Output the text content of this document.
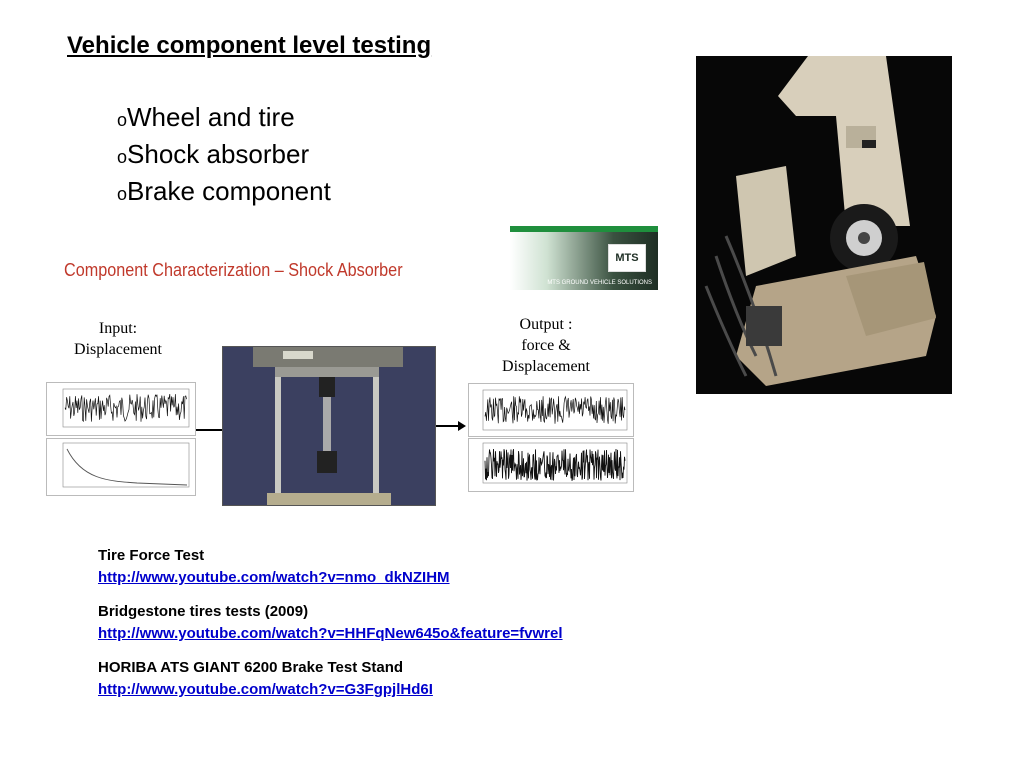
Vehicle component level testing
oWheel and tire
oShock absorber
oBrake component
Component Characterization – Shock Absorber
MTS
MTS GROUND VEHICLE SOLUTIONS
Input:
Displacement
Output :
force &
Displacement
Tire Force Test
http://www.youtube.com/watch?v=nmo_dkNZIHM
Bridgestone tires tests (2009)
http://www.youtube.com/watch?v=HHFqNew645o&feature=fvwrel
HORIBA ATS GIANT 6200 Brake Test Stand
http://www.youtube.com/watch?v=G3FgpjlHd6I
